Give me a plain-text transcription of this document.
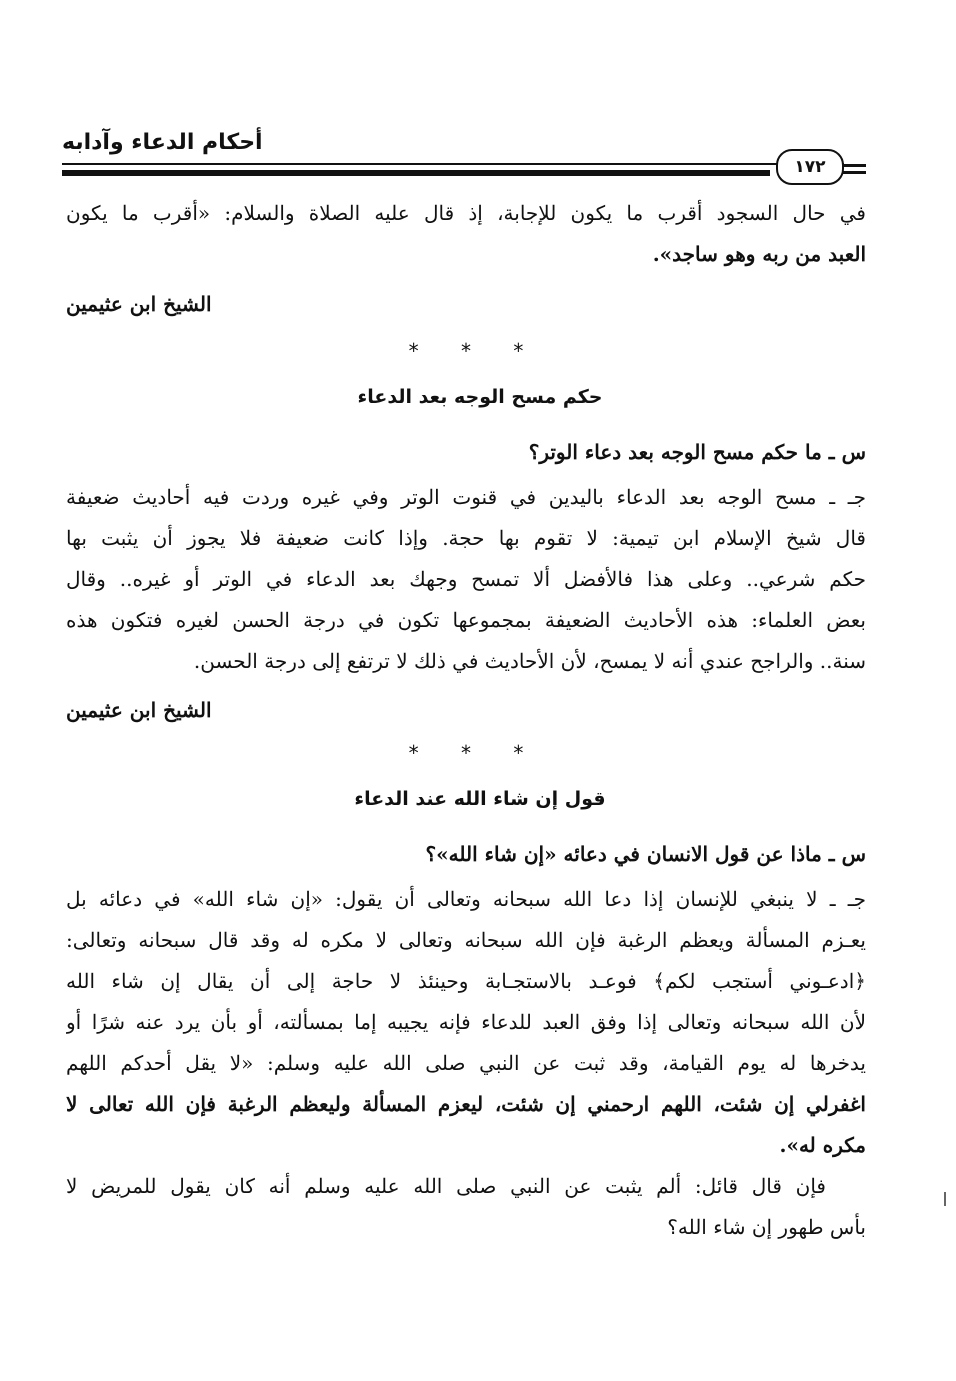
أحكام الدعاء وآدابه
١٧٢
في حال السجود أقرب ما يكون للإجابة، إذ قال عليه الصلاة والسلام: «أقرب ما يكون
العبد من ربه وهو ساجد».
الشيخ ابن عثيمين
* * *
حكم مسح الوجه بعد الدعاء
س ـ ما حكم مسح الوجه بعد دعاء الوتر؟
جـ ـ مسح الوجه بعد الدعاء باليدين في قنوت الوتر وفي غيره وردت فيه أحاديث ضعيفة
قال شيخ الإسلام ابن تيمية: لا تقوم بها حجة. وإذا كانت ضعيفة فلا يجوز أن يثبت بها
حكم شرعي.. وعلى هذا فالأفضل ألا تمسح وجهك بعد الدعاء في الوتر أو غيره.. وقال
بعض العلماء: هذه الأحاديث الضعيفة بمجموعها تكون في درجة الحسن لغيره فتكون هذه
سنة.. والراجح عندي أنه لا يمسح، لأن الأحاديث في ذلك لا ترتفع إلى درجة الحسن.
الشيخ ابن عثيمين
* * *
قول إن شاء الله عند الدعاء
س ـ ماذا عن قول الانسان في دعائه «إن شاء الله»؟
جـ ـ لا ينبغي للإنسان إذا دعا الله سبحانه وتعالى أن يقول: «إن شاء الله» في دعائه بل
يعـزم المسألة ويعظم الرغبة فإن الله سبحانه وتعالى لا مكره له وقد قال سبحانه وتعالى:
﴿ادعـوني أستجب لكم﴾ فوعـد بالاستجـابة وحينئذ لا حاجة إلى أن يقال إن شاء الله
لأن الله سبحانه وتعالى إذا وفق العبد للدعاء فإنه يجيبه إما بمسألته، أو بأن يرد عنه شرًا أو
يدخرها له يوم القيامة، وقد ثبت عن النبي صلى الله عليه وسلم: «لا يقل أحدكم اللهم
اغفرلي إن شئت، اللهم ارحمني إن شئت، ليعزم المسألة وليعظم الرغبة فإن الله تعالى لا
مكره له».
فإن قال قائل: ألم يثبت عن النبي صلى الله عليه وسلم أنه كان يقول للمريض لا
بأس طهور إن شاء الله؟
